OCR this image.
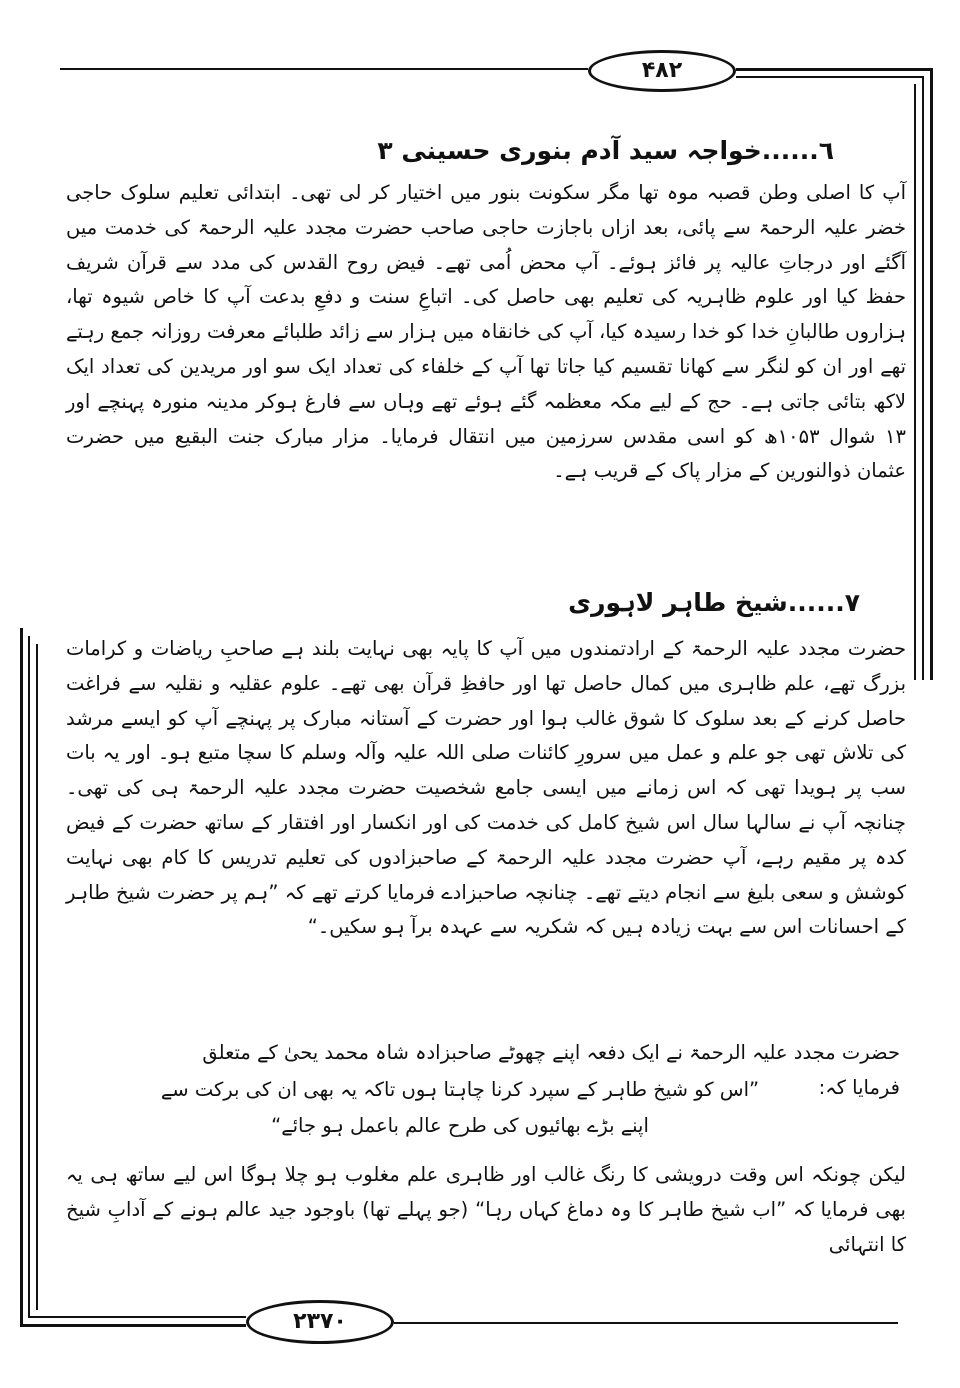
۴۸۲
۲۳۷۰
٦......خواجہ سید آدم بنوری حسینی ۳
آپ کا اصلی وطن قصبہ موہ تھا مگر سکونت بنور میں اختیار کر لی تھی۔ ابتدائی تعلیم سلوک حاجی خضر علیہ الرحمۃ سے پائی، بعد ازاں باجازت حاجی صاحب حضرت مجدد علیہ الرحمۃ کی خدمت میں آگئے اور درجاتِ عالیہ پر فائز ہوئے۔ آپ محض اُمی تھے۔ فیض روح القدس کی مدد سے قرآن شریف حفظ کیا اور علوم ظاہریہ کی تعلیم بھی حاصل کی۔ اتباعِ سنت و دفعِ بدعت آپ کا خاص شیوہ تھا، ہزاروں طالبانِ خدا کو خدا رسیدہ کیا، آپ کی خانقاہ میں ہزار سے زائد طلبائے معرفت روزانہ جمع رہتے تھے اور ان کو لنگر سے کھانا تقسیم کیا جاتا تھا آپ کے خلفاء کی تعداد ایک سو اور مریدین کی تعداد ایک لاکھ بتائی جاتی ہے۔ حج کے لیے مکہ معظمہ گئے ہوئے تھے وہاں سے فارغ ہوکر مدینہ منورہ پہنچے اور ۱۳ شوال ۱۰۵۳ھ کو اسی مقدس سرزمین میں انتقال فرمایا۔ مزار مبارک جنت البقیع میں حضرت عثمان ذوالنورین کے مزار پاک کے قریب ہے۔
۷......شیخ طاہر لاہوری
حضرت مجدد علیہ الرحمۃ کے ارادتمندوں میں آپ کا پایہ بھی نہایت بلند ہے صاحبِ ریاضات و کرامات بزرگ تھے، علم ظاہری میں کمال حاصل تھا اور حافظِ قرآن بھی تھے۔ علوم عقلیہ و نقلیہ سے فراغت حاصل کرنے کے بعد سلوک کا شوق غالب ہوا اور حضرت کے آستانہ مبارک پر پہنچے آپ کو ایسے مرشد کی تلاش تھی جو علم و عمل میں سرورِ کائنات صلی اللہ علیہ وآلہ وسلم کا سچا متبع ہو۔ اور یہ بات سب پر ہویدا تھی کہ اس زمانے میں ایسی جامع شخصیت حضرت مجدد علیہ الرحمۃ ہی کی تھی۔ چنانچہ آپ نے سالہا سال اس شیخ کامل کی خدمت کی اور انکسار اور افتقار کے ساتھ حضرت کے فیض کدہ پر مقیم رہے، آپ حضرت مجدد علیہ الرحمۃ کے صاحبزادوں کی تعلیم تدریس کا کام بھی نہایت کوشش و سعی بلیغ سے انجام دیتے تھے۔ چنانچہ صاحبزادے فرمایا کرتے تھے کہ ”ہم پر حضرت شیخ طاہر کے احسانات اس سے بہت زیادہ ہیں کہ شکریہ سے عہدہ برآ ہو سکیں۔“
حضرت مجدد علیہ الرحمۃ نے ایک دفعہ اپنے چھوٹے صاحبزادہ شاہ محمد یحیٰ کے متعلق فرمایا کہ:
”اس کو شیخ طاہر کے سپرد کرنا چاہتا ہوں تاکہ یہ بھی ان کی برکت سے
اپنے بڑے بھائیوں کی طرح عالم باعمل ہو جائے“
لیکن چونکہ اس وقت درویشی کا رنگ غالب اور ظاہری علم مغلوب ہو چلا ہوگا اس لیے ساتھ ہی یہ بھی فرمایا کہ ”اب شیخ طاہر کا وہ دماغ کہاں رہا“ (جو پہلے تھا) باوجود جید عالم ہونے کے آدابِ شیخ کا انتہائی
